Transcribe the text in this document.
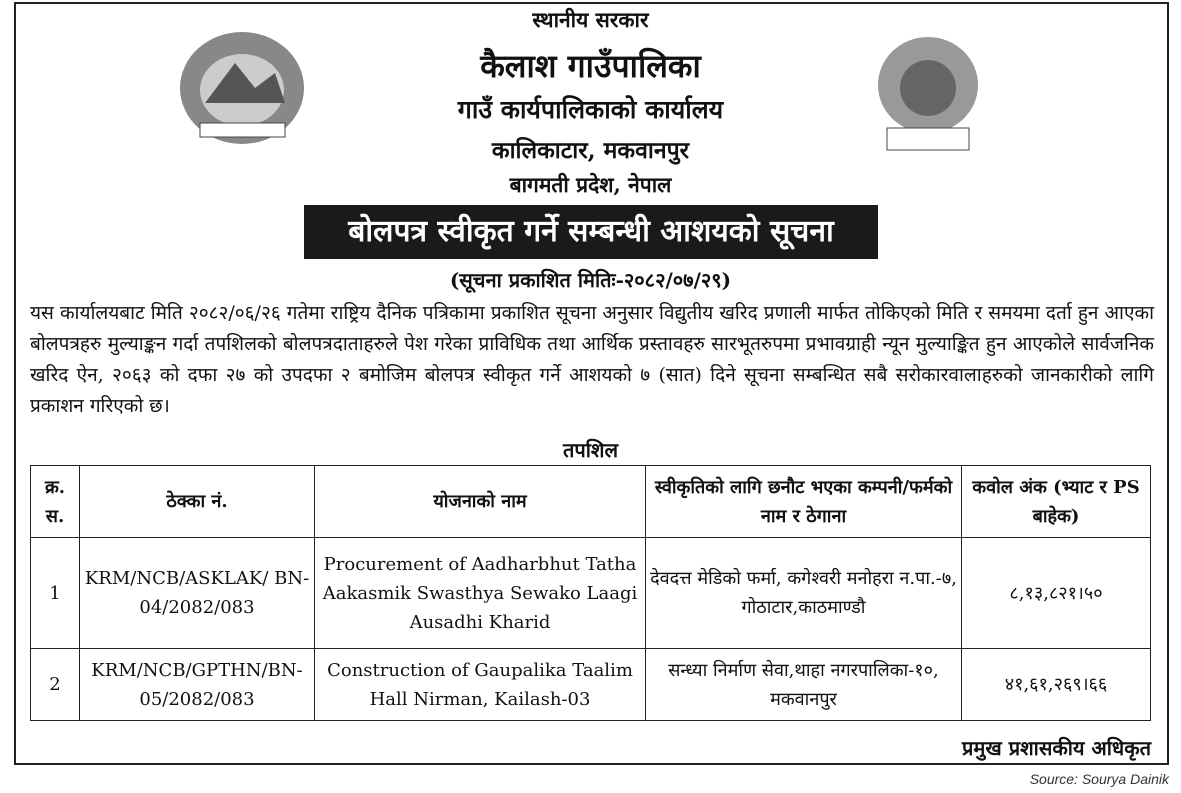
स्थानीय सरकार
कैलाश गाउँपालिका
गाउँ कार्यपालिकाको कार्यालय
कालिकाटार, मकवानपुर
बागमती प्रदेश, नेपाल
बोलपत्र स्वीकृत गर्ने सम्बन्धी आशयको सूचना
(सूचना प्रकाशित मितिः-२०८२/०७/२९)
यस कार्यालयबाट मिति २०८२/०६/२६ गतेमा राष्ट्रिय दैनिक पत्रिकामा प्रकाशित सूचना अनुसार विद्युतीय खरिद प्रणाली मार्फत तोकिएको मिति र समयमा दर्ता हुन आएका बोलपत्रहरु मुल्याङ्कन गर्दा तपशिलको बोलपत्रदाताहरुले पेश गरेका प्राविधिक तथा आर्थिक प्रस्तावहरु सारभूतरुपमा प्रभावग्राही न्यून मुल्याङ्कित हुन आएकोले सार्वजनिक खरिद ऐन, २०६३ को दफा २७ को उपदफा २ बमोजिम बोलपत्र स्वीकृत गर्ने आशयको ७ (सात) दिने सूचना सम्बन्धित सबै सरोकारवालाहरुको जानकारीको लागि प्रकाशन गरिएको छ।
तपशिल
क्र. स.	ठेक्का नं.	योजनाको नाम	स्वीकृतिको लागि छनौट भएका कम्पनी/फर्मको नाम र ठेगाना	कवोल अंक (भ्याट र PS बाहेक)
1	KRM/NCB/ASKLAK/ BN-04/2082/083	Procurement of Aadharbhut Tatha Aakasmik Swasthya Sewako Laagi Ausadhi Kharid	देवदत्त मेडिको फर्मा, कगेश्वरी मनोहरा न.पा.-७, गोठाटार,काठमाण्डौ	८,१३,८२१।५०
2	KRM/NCB/GPTHN/BN- 05/2082/083	Construction of Gaupalika Taalim Hall Nirman, Kailash-03	सन्ध्या निर्माण सेवा,थाहा नगरपालिका-१०, मकवानपुर	४१,६१,२६९।६६
प्रमुख प्रशासकीय अधिकृत
Source: Sourya Dainik
